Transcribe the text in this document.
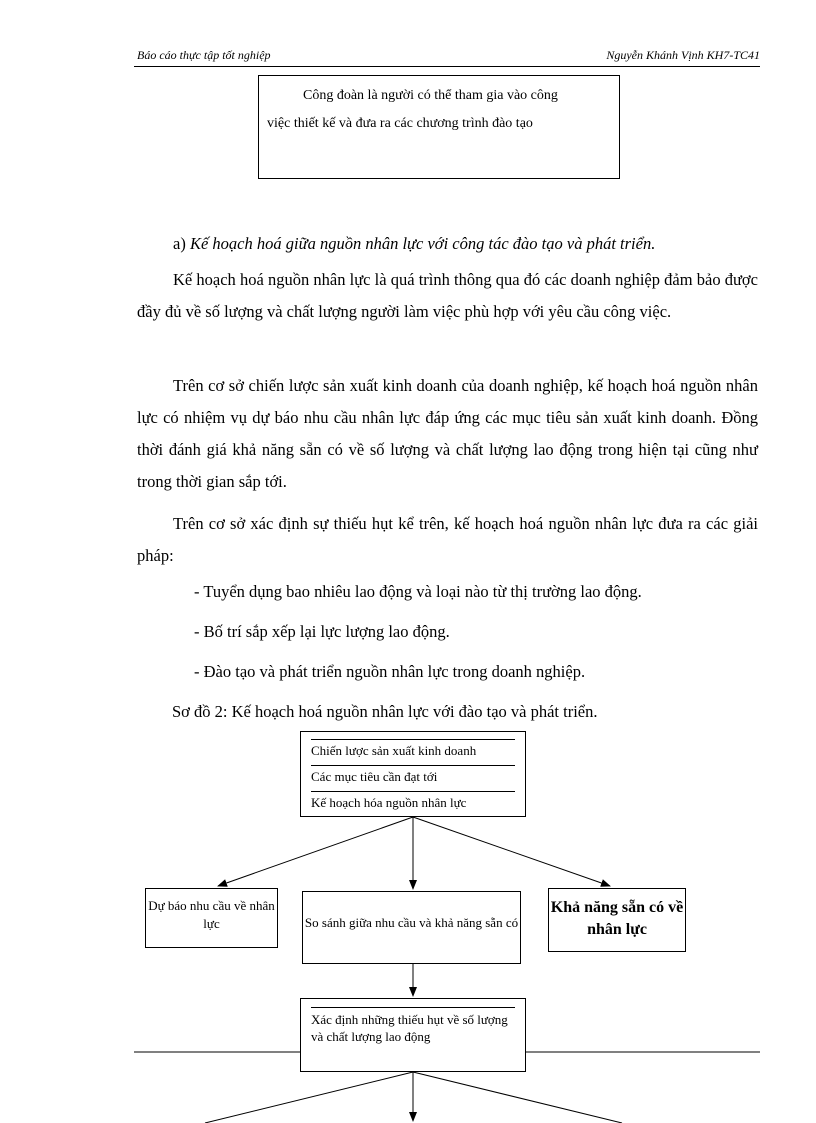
Báo cáo thực tập tốt nghiệp	Nguyễn Khánh Vịnh KH7-TC41
Công đoàn là người có thể tham gia vào công
việc thiết kế và đưa ra các chương trình đào tạo
a) Kế hoạch hoá giữa nguồn nhân lực với công tác đào tạo và phát triển.
Kế hoạch hoá nguồn nhân lực là quá trình thông qua đó các doanh nghiệp đảm bảo được đầy đủ về số lượng và chất lượng người làm việc phù hợp với yêu cầu công việc.
Trên cơ sở chiến lược sản xuất kinh doanh của doanh nghiệp, kế hoạch hoá nguồn nhân lực có nhiệm vụ dự báo nhu cầu nhân lực đáp ứng các mục tiêu sản xuất kinh doanh. Đồng thời đánh giá khả năng sẵn có về số lượng và chất lượng lao động trong hiện tại cũng như trong thời gian sắp tới.
Trên cơ sở xác định sự thiếu hụt kể trên, kế hoạch hoá nguồn nhân lực đưa ra các giải pháp:
- Tuyển dụng bao nhiêu lao động và loại nào từ thị trường lao động.
- Bố trí sắp xếp lại lực lượng lao động.
- Đào tạo và phát triển nguồn nhân lực trong doanh nghiệp.
Sơ đồ 2: Kế hoạch hoá nguồn nhân lực với đào tạo và phát triển.
Chiến lược sản xuất kinh doanh
Các mục tiêu cần đạt tới
Kế hoạch hóa nguồn nhân lực
Dự báo nhu cầu về nhân lực	So sánh giữa nhu cầu và khả năng sẵn có
Khả năng sẵn có về nhân lực
Xác định những thiếu hụt về số lượng và chất lượng lao động
